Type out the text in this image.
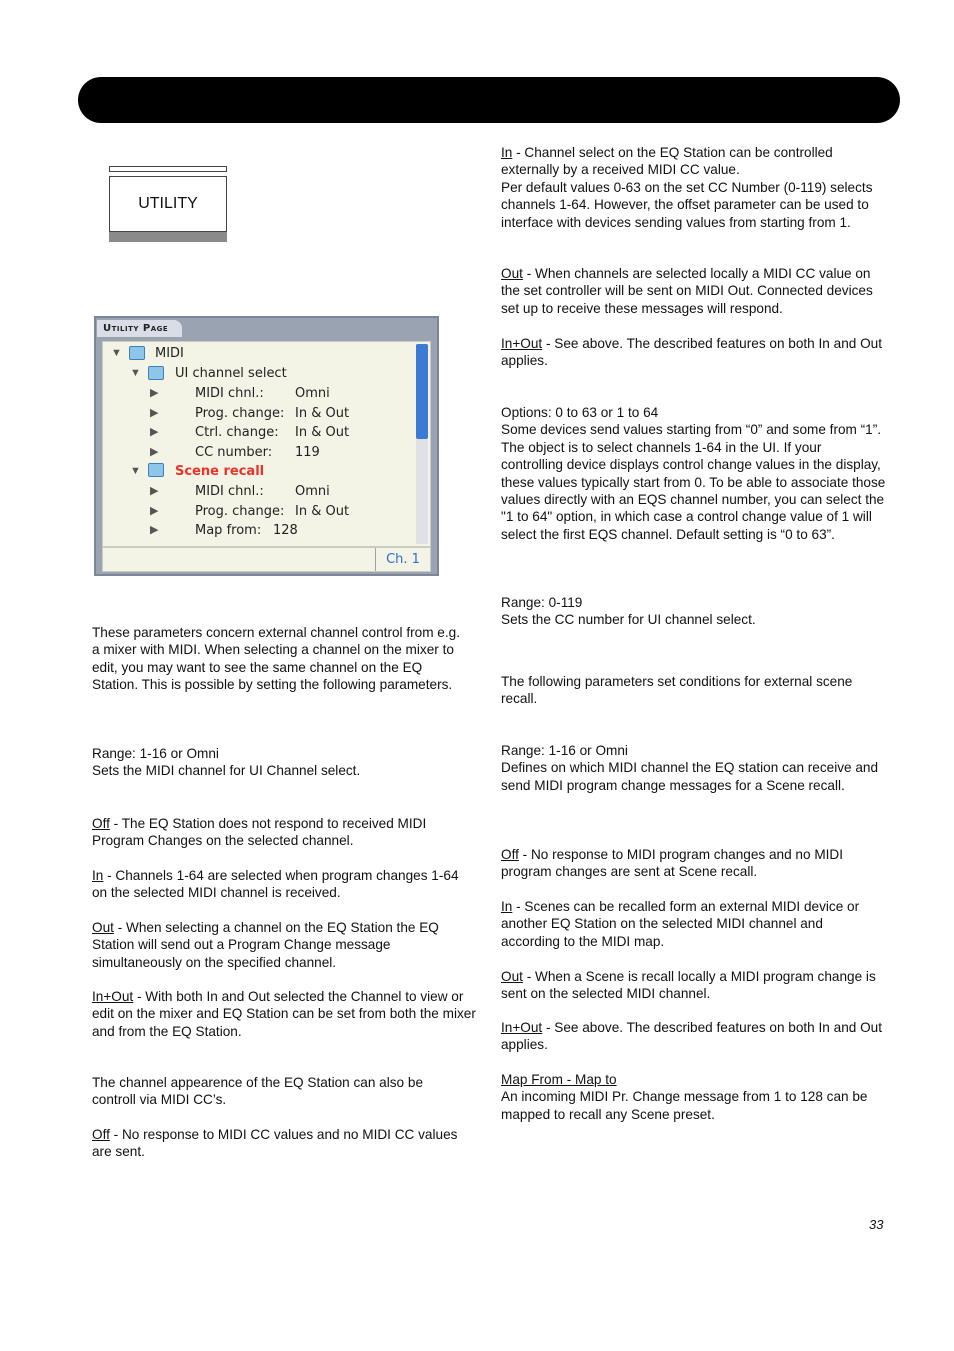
UTILITY
Utility Page
▼	MIDI
▼	UI channel select
▶	MIDI chnl.: Omni
▶	Prog. change: In & Out
▶	Ctrl. change: In & Out
▶	CC number: 119
▼	Scene recall
▶	MIDI chnl.: Omni
▶	Prog. change: In & Out
▶	Map from: 128
Ch. 1
These parameters concern external channel control from e.g. a mixer with MIDI. When selecting a channel on the mixer to edit, you may want to see the same channel on the EQ Station. This is possible by setting the following parameters.
Range: 1-16 or Omni
Sets the MIDI channel for UI Channel select.
Off - The EQ Station does not respond to received MIDI Program Changes on the selected channel.
In - Channels 1-64 are selected when program changes 1-64 on the selected MIDI channel is received.
Out - When selecting a channel on the EQ Station the EQ Station will send out a Program Change message simultaneously on the specified channel.
In+Out - With both In and Out selected the Channel to view or edit on the mixer and EQ Station can be set from both the mixer and from the EQ Station.
The channel appearence of the EQ Station can also be controll via MIDI CC’s.
Off - No response to MIDI CC values and no MIDI CC values are sent.
In - Channel select on the EQ Station can be controlled externally by a received MIDI CC value.
Per default values 0-63 on the set CC Number (0-119) selects channels 1-64. However, the offset parameter can be used to interface with devices sending values from starting from 1.
Out - When channels are selected locally a MIDI CC value on the set controller will be sent on MIDI Out. Connected devices set up to receive these messages will respond.
In+Out - See above. The described features on both In and Out applies.
Options: 0 to 63 or 1 to 64
Some devices send values starting from “0” and some from “1”. The object is to select channels 1-64 in the UI. If your controlling device displays control change values in the display, these values typically start from 0. To be able to associate those values directly with an EQS channel number, you can select the "1 to 64" option, in which case a control change value of 1 will select the first EQS channel. Default setting is “0 to 63”.
Range: 0-119
Sets the CC number for UI channel select.
The following parameters set conditions for external scene recall.
Range: 1-16 or Omni
Defines on which MIDI channel the EQ station can receive and send MIDI program change messages for a Scene recall.
Off - No response to MIDI program changes and no MIDI program changes are sent at Scene recall.
In - Scenes can be recalled form an external MIDI device or another EQ Station on the selected MIDI channel and according to the MIDI map.
Out - When a Scene is recall locally a MIDI program change is sent on the selected MIDI channel.
In+Out - See above. The described features on both In and Out applies.
Map From - Map to
An incoming MIDI Pr. Change message from 1 to 128 can be mapped to recall any Scene preset.
33
